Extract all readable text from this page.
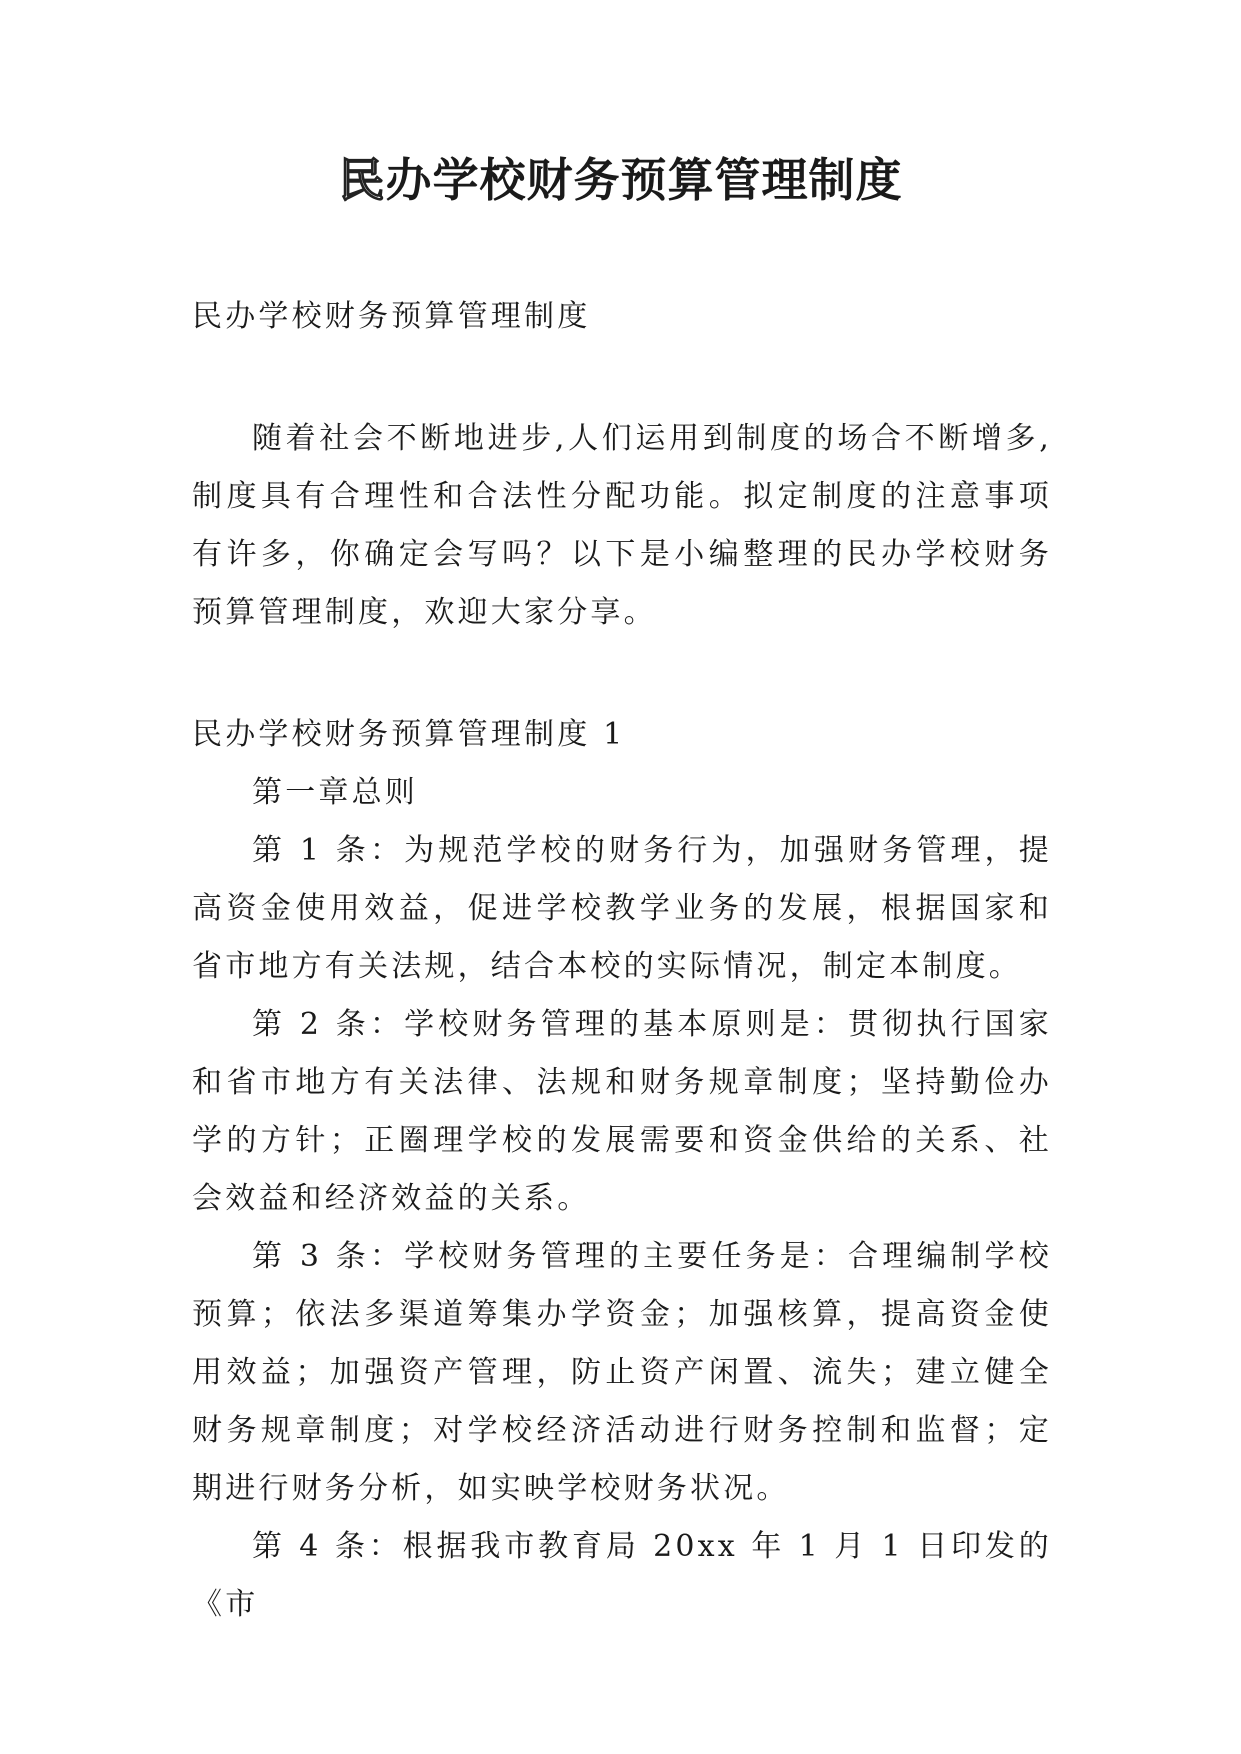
民办学校财务预算管理制度

民办学校财务预算管理制度

随着社会不断地进步,人们运用到制度的场合不断增多,制度具有合理性和合法性分配功能。拟定制度的注意事项有许多，你确定会写吗？以下是小编整理的民办学校财务预算管理制度，欢迎大家分享。

民办学校财务预算管理制度 1

第一章总则

第 1 条：为规范学校的财务行为，加强财务管理，提高资金使用效益，促进学校教学业务的发展，根据国家和省市地方有关法规，结合本校的实际情况，制定本制度。

第 2 条：学校财务管理的基本原则是：贯彻执行国家和省市地方有关法律、法规和财务规章制度；坚持勤俭办学的方针；正圈理学校的发展需要和资金供给的关系、社会效益和经济效益的关系。

第 3 条：学校财务管理的主要任务是：合理编制学校预算；依法多渠道筹集办学资金；加强核算，提高资金使用效益；加强资产管理，防止资产闲置、流失；建立健全财务规章制度；对学校经济活动进行财务控制和监督；定期进行财务分析，如实映学校财务状况。

第 4 条：根据我市教育局 20xx 年 1 月 1 日印发的《市
